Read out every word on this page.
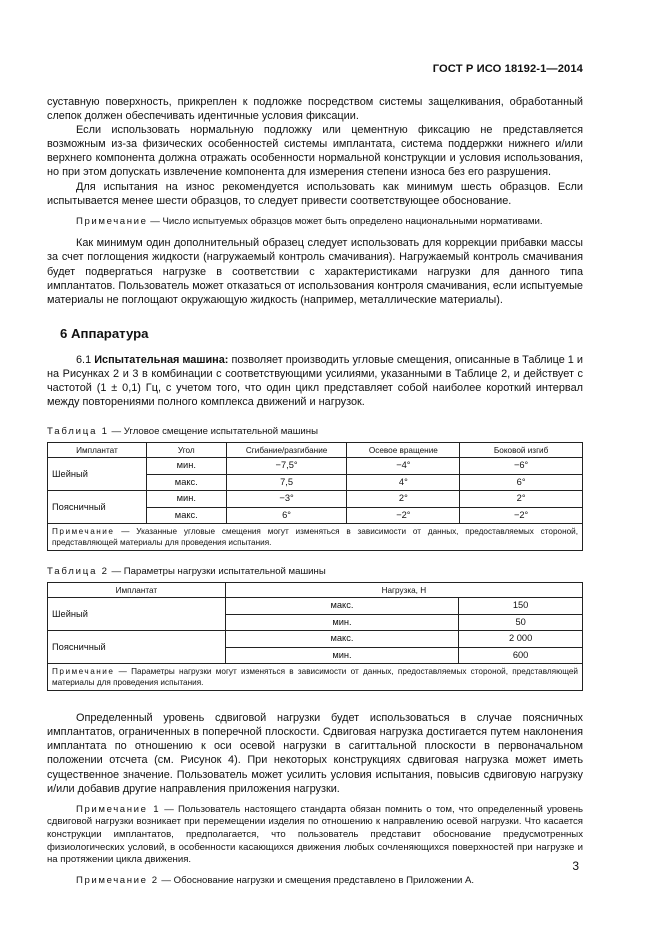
ГОСТ Р ИСО 18192-1—2014

суставную поверхность, прикреплен к подложке посредством системы защелкивания, обработанный слепок должен обеспечивать идентичные условия фиксации.

Если использовать нормальную подложку или цементную фиксацию не представляется возможным из-за физических особенностей системы имплантата, система поддержки нижнего и/или верхнего компонента должна отражать особенности нормальной конструкции и условия использования, но при этом допускать извлечение компонента для измерения степени износа без его разрушения.

Для испытания на износ рекомендуется использовать как минимум шесть образцов. Если испытывается менее шести образцов, то следует привести соответствующее обоснование.

Примечание — Число испытуемых образцов может быть определено национальными нормативами.

Как минимум один дополнительный образец следует использовать для коррекции прибавки массы за счет поглощения жидкости (нагружаемый контроль смачивания). Нагружаемый контроль смачивания будет подвергаться нагрузке в соответствии с характеристиками нагрузки для данного типа имплантатов. Пользователь может отказаться от использования контроля смачивания, если испытуемые материалы не поглощают окружающую жидкость (например, металлические материалы).

6 Аппаратура

6.1 Испытательная машина: позволяет производить угловые смещения, описанные в Таблице 1 и на Рисунках 2 и 3 в комбинации с соответствующими усилиями, указанными в Таблице 2, и действует с частотой (1 ± 0,1) Гц, с учетом того, что один цикл представляет собой наиболее короткий интервал между повторениями полного комплекса движений и нагрузок.

Таблица 1 — Угловое смещение испытательной машины
Имплантат	Угол	Сгибание/разгибание	Осевое вращение	Боковой изгиб
Шейный	мин.	−7,5°	−4°	−6°
	макс.	7,5	4°	6°
Поясничный	мин.	−3°	2°	2°
	макс.	6°	−2°	−2°
Примечание — Указанные угловые смещения могут изменяться в зависимости от данных, предоставляемых стороной, представляющей материалы для проведения испытания.				
Таблица 2 — Параметры нагрузки испытательной машины
Имплантат	Нагрузка, Н	
Шейный	макс.	150
	мин.	50
Поясничный	макс.	2 000
	мин.	600
Примечание — Параметры нагрузки могут изменяться в зависимости от данных, предоставляемых стороной, представляющей материалы для проведения испытания.		

Определенный уровень сдвиговой нагрузки будет использоваться в случае поясничных имплантатов, ограниченных в поперечной плоскости. Сдвиговая нагрузка достигается путем наклонения имплантата по отношению к оси осевой нагрузки в сагиттальной плоскости в первоначальном положении отсчета (см. Рисунок 4). При некоторых конструкциях сдвиговая нагрузка может иметь существенное значение. Пользователь может усилить условия испытания, повысив сдвиговую нагрузку и/или добавив другие направления приложения нагрузки.

Примечание 1 — Пользователь настоящего стандарта обязан помнить о том, что определенный уровень сдвиговой нагрузки возникает при перемещении изделия по отношению к направлению осевой нагрузки. Что касается конструкции имплантатов, предполагается, что пользователь представит обоснование предусмотренных физиологических условий, в особенности касающихся движения любых сочленяющихся поверхностей при нагрузке и на протяжении цикла движения.

Примечание 2 — Обоснование нагрузки и смещения представлено в Приложении А.

3
